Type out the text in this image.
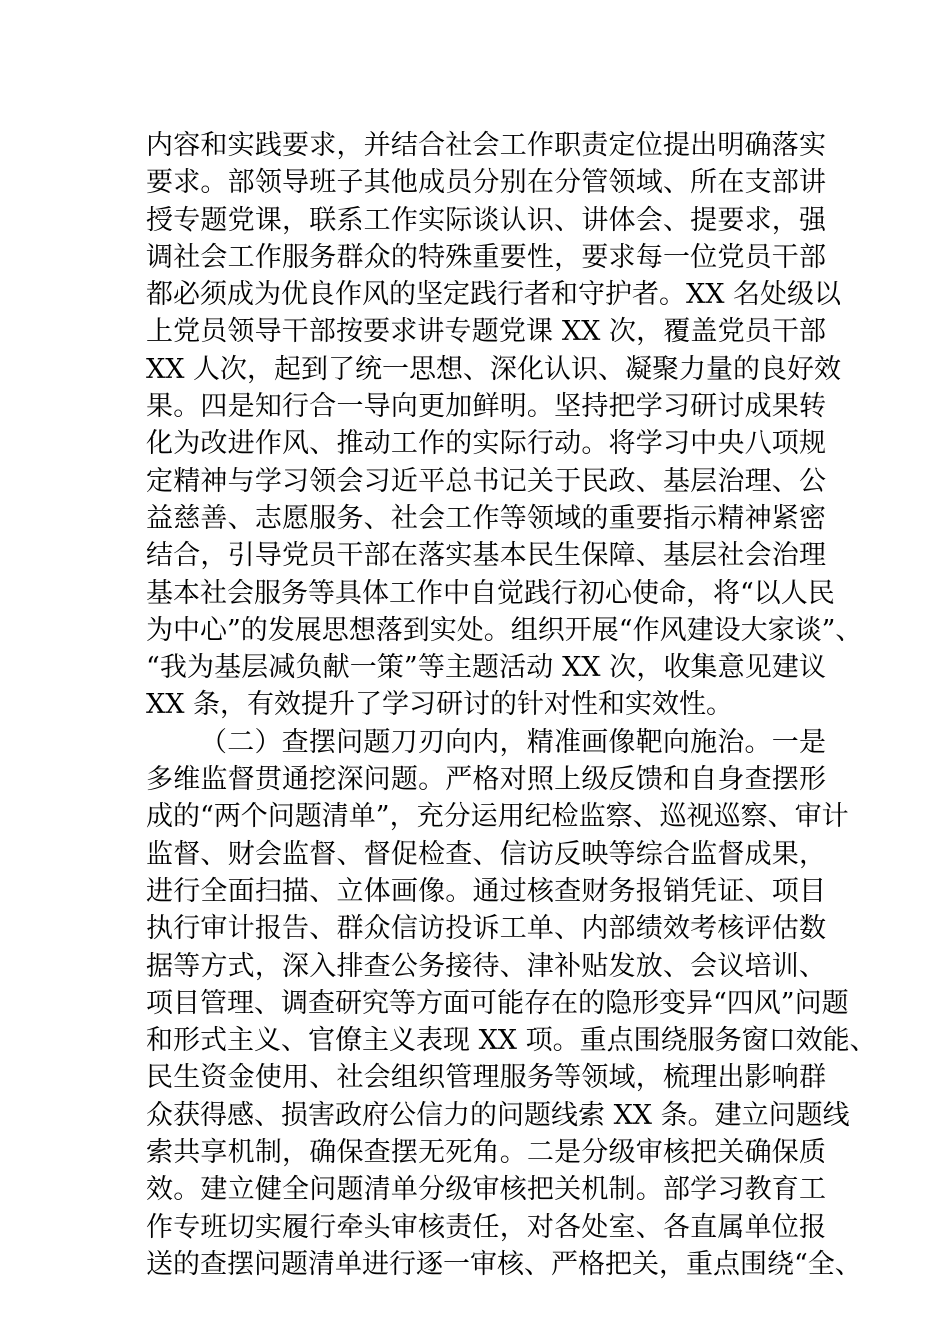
内容和实践要求，并结合社会工作职责定位提出明确落实
要求。部领导班子其他成员分别在分管领域、所在支部讲
授专题党课，联系工作实际谈认识、讲体会、提要求，强
调社会工作服务群众的特殊重要性，要求每一位党员干部
都必须成为优良作风的坚定践行者和守护者。XX 名处级以
上党员领导干部按要求讲专题党课 XX 次，覆盖党员干部
XX 人次，起到了统一思想、深化认识、凝聚力量的良好效
果。四是知行合一导向更加鲜明。坚持把学习研讨成果转
化为改进作风、推动工作的实际行动。将学习中央八项规
定精神与学习领会习近平总书记关于民政、基层治理、公
益慈善、志愿服务、社会工作等领域的重要指示精神紧密
结合，引导党员干部在落实基本民生保障、基层社会治理
基本社会服务等具体工作中自觉践行初心使命，将“以人民
为中心”的发展思想落到实处。组织开展“作风建设大家谈”、
“我为基层减负献一策”等主题活动 XX 次，收集意见建议
XX 条，有效提升了学习研讨的针对性和实效性。
（二）查摆问题刀刃向内，精准画像靶向施治。一是
多维监督贯通挖深问题。严格对照上级反馈和自身查摆形
成的“两个问题清单”，充分运用纪检监察、巡视巡察、审计
监督、财会监督、督促检查、信访反映等综合监督成果，
进行全面扫描、立体画像。通过核查财务报销凭证、项目
执行审计报告、群众信访投诉工单、内部绩效考核评估数
据等方式，深入排查公务接待、津补贴发放、会议培训、
项目管理、调查研究等方面可能存在的隐形变异“四风”问题
和形式主义、官僚主义表现 XX 项。重点围绕服务窗口效能、
民生资金使用、社会组织管理服务等领域，梳理出影响群
众获得感、损害政府公信力的问题线索 XX 条。建立问题线
索共享机制，确保查摆无死角。二是分级审核把关确保质
效。建立健全问题清单分级审核把关机制。部学习教育工
作专班切实履行牵头审核责任，对各处室、各直属单位报
送的查摆问题清单进行逐一审核、严格把关，重点围绕“全、
